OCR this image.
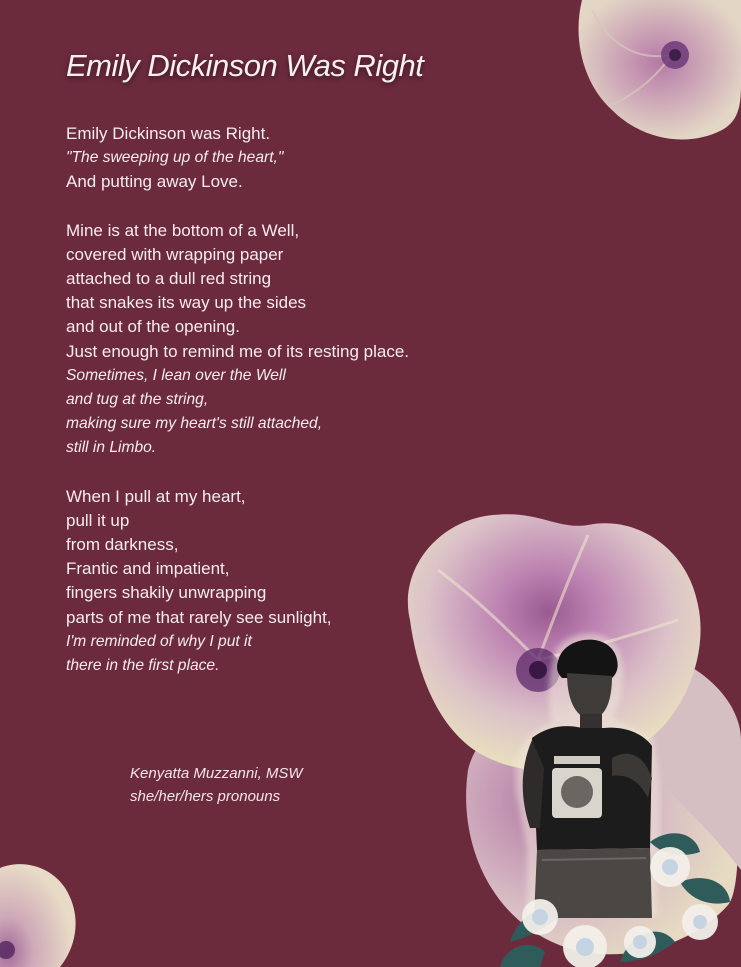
Emily Dickinson Was Right

Emily Dickinson was Right.
"The sweeping up of the heart,"
And putting away Love.

Mine is at the bottom of a Well,
covered with wrapping paper
attached to a dull red string
that snakes its way up the sides
and out of the opening.
Just enough to remind me of its resting place.
Sometimes, I lean over the Well
and tug at the string,
making sure my heart's still attached,
still in Limbo.

When I pull at my heart,
pull it up
from darkness,
Frantic and impatient,
fingers shakily unwrapping
parts of me that rarely see sunlight,
I'm reminded of why I put it
there in the first place.

Kenyatta Muzzanni, MSW
she/her/hers pronouns
